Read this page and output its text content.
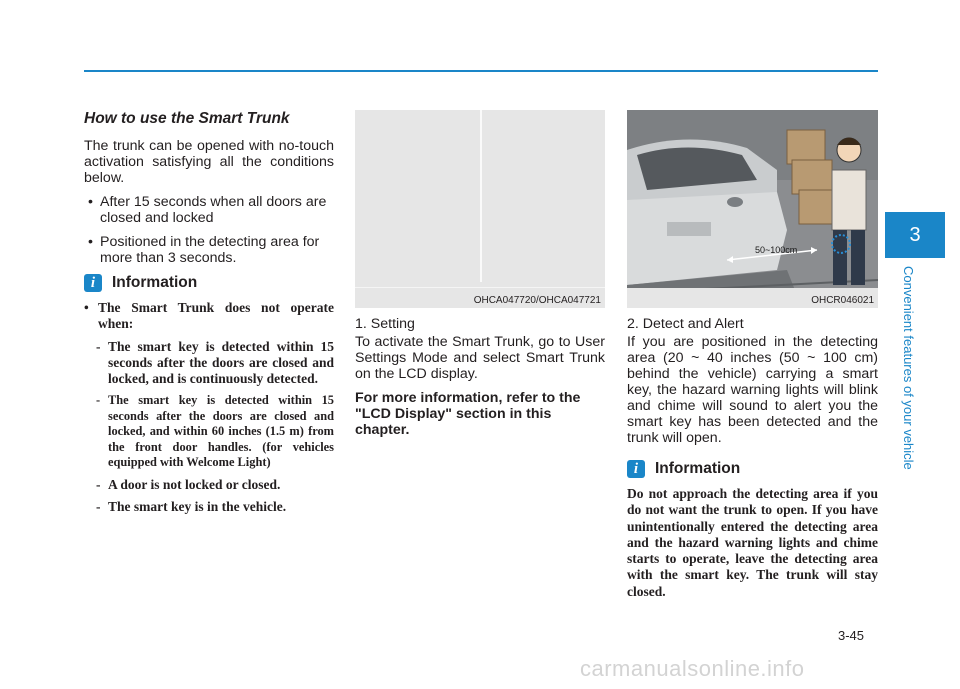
How to use the Smart Trunk

The trunk can be opened with no-touch activation satisfying all the conditions below.

• After 15 seconds when all doors are closed and locked
• Positioned in the detecting area for more than 3 seconds.
i	Information

• The Smart Trunk does not operate when:

- The smart key is detected within 15 seconds after the doors are closed and locked, and is continuously detected.

- The smart key is detected within 15 seconds after the doors are closed and locked, and within 60 inches (1.5 m) from the front door handles. (for vehicles equipped with Welcome Light)

- A door is not locked or closed.

- The smart key is in the vehicle.

OHCA047720/OHCA047721

1. Setting

To activate the Smart Trunk, go to User Settings Mode and select Smart Trunk on the LCD display.

For more information, refer to the "LCD Display" section in this chapter.

50~100cm
OHCR046021

2. Detect and Alert

If you are positioned in the detecting area (20 ~ 40 inches (50 ~ 100 cm) behind the vehicle) carrying a smart key, the hazard warning lights will blink and chime will sound to alert you the smart key has been detected and the trunk will open.

i	Information

Do not approach the detecting area if you do not want the trunk to open. If you have unintentionally entered the detecting area and the hazard warning lights and chime starts to operate, leave the detecting area with the smart key. The trunk will stay closed.

3
Convenient features of your vehicle
3-45
carmanualsonline.info
